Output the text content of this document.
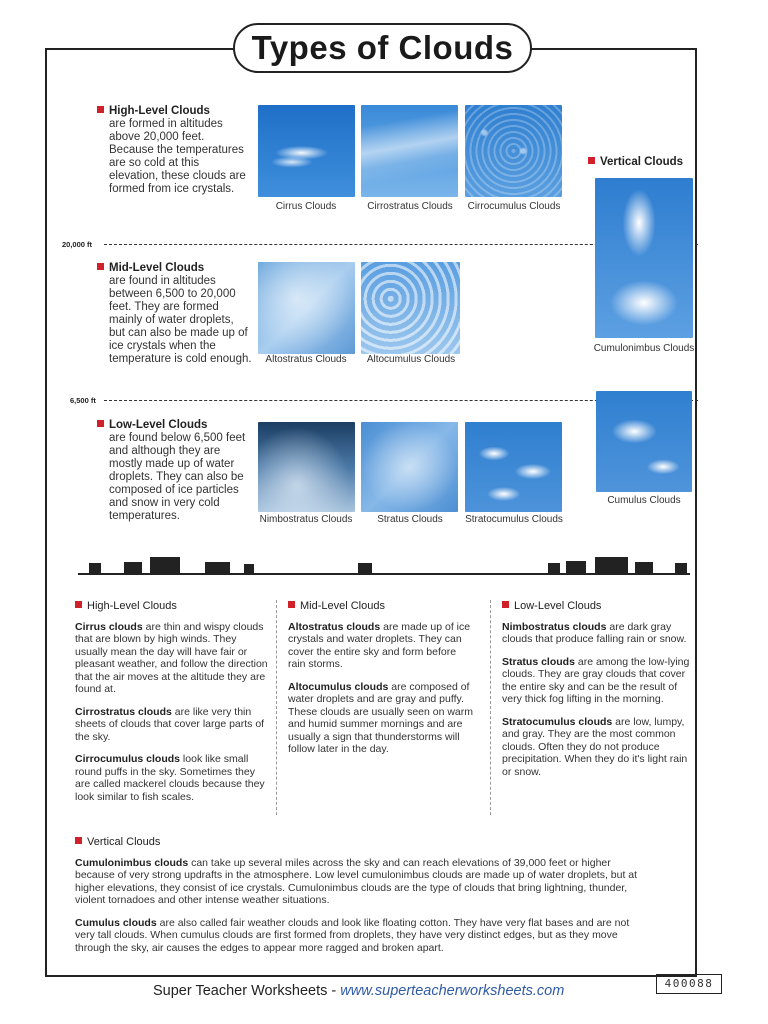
Types of Clouds
High-Level Clouds

are formed in altitudes above 20,000 feet. Because the temperatures are so cold at this elevation, these clouds are formed from ice crystals.
Mid-Level Clouds

are found in altitudes between 6,500 to 20,000 feet. They are formed mainly of water droplets, but can also be made up of ice crystals when the temperature is cold enough.
Low-Level Clouds

are found below 6,500 feet and although they are mostly made up of water droplets. They can also be composed of ice particles and snow in very cold temperatures.
Vertical Clouds
20,000 ft
6,500 ft
Cirrus Clouds	Cirrostratus Clouds	Cirrocumulus Clouds
Altostratus Clouds	Altocumulus Clouds
Nimbostratus Clouds	Stratus Clouds	Stratocumulus Clouds
Cumulonimbus Clouds
Cumulus Clouds
High-Level Clouds

Cirrus clouds are thin and wispy clouds that are blown by high winds. They usually mean the day will have fair or pleasant weather, and follow the direction that the air moves at the altitude they are found at.

Cirrostratus clouds are like very thin sheets of clouds that cover large parts of the sky.

Cirrocumulus clouds look like small round puffs in the sky. Sometimes they are called mackerel clouds because they look similar to fish scales.

Mid-Level Clouds

Altostratus clouds are made up of ice crystals and water droplets. They can cover the entire sky and form before rain storms.

Altocumulus clouds are composed of water droplets and are gray and puffy. These clouds are usually seen on warm and humid summer mornings and are usually a sign that thunderstorms will follow later in the day.

Low-Level Clouds

Nimbostratus clouds are dark gray clouds that produce falling rain or snow.

Stratus clouds are among the low-lying clouds. They are gray clouds that cover the entire sky and can be the result of very thick fog lifting in the morning.

Stratocumulus clouds are low, lumpy, and gray. They are the most common clouds. Often they do not produce precipitation. When they do it's light rain or snow.

Vertical Clouds

Cumulonimbus clouds can take up several miles across the sky and can reach elevations of 39,000 feet or higher because of very strong updrafts in the atmosphere. Low level cumulonimbus clouds are made up of water droplets, but at higher elevations, they consist of ice crystals. Cumulonimbus clouds are the type of clouds that bring lightning, thunder, violent tornadoes and other intense weather situations.

Cumulus clouds are also called fair weather clouds and look like floating cotton. They have very flat bases and are not very tall clouds. When cumulus clouds are first formed from droplets, they have very distinct edges, but as they move through the sky, air causes the edges to appear more ragged and broken apart.

Super Teacher Worksheets - www.superteacherworksheets.com	400088
